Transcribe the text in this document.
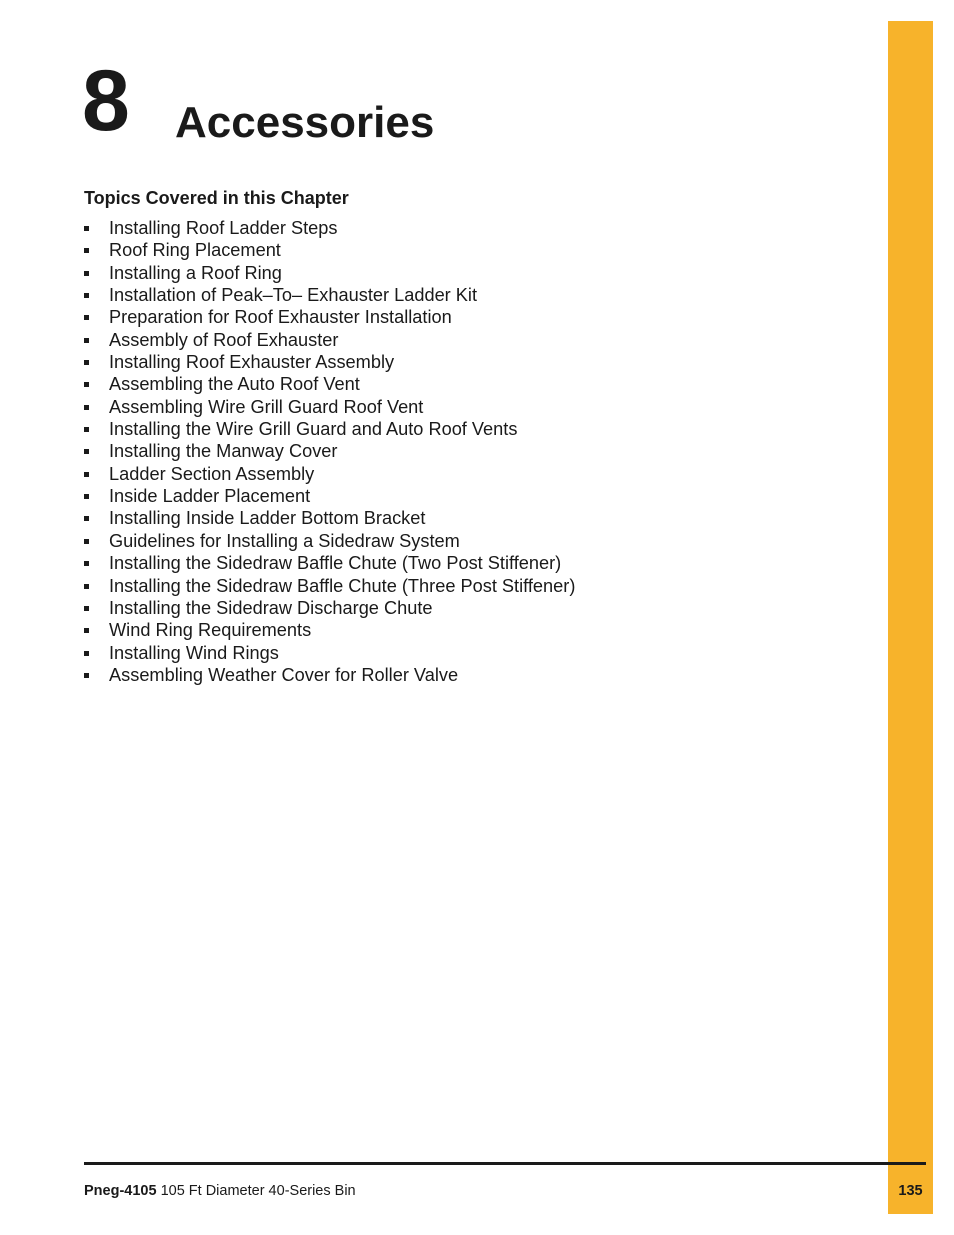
8 Accessories
Topics Covered in this Chapter
Installing Roof Ladder Steps
Roof Ring Placement
Installing a Roof Ring
Installation of Peak–To– Exhauster Ladder Kit
Preparation for Roof Exhauster Installation
Assembly of Roof Exhauster
Installing Roof Exhauster Assembly
Assembling the Auto Roof Vent
Assembling Wire Grill Guard Roof Vent
Installing the Wire Grill Guard and Auto Roof Vents
Installing the Manway Cover
Ladder Section Assembly
Inside Ladder Placement
Installing Inside Ladder Bottom Bracket
Guidelines for Installing a Sidedraw System
Installing the Sidedraw Baffle Chute (Two Post Stiffener)
Installing the Sidedraw Baffle Chute (Three Post Stiffener)
Installing the Sidedraw Discharge Chute
Wind Ring Requirements
Installing Wind Rings
Assembling Weather Cover for Roller Valve
Pneg-4105 105 Ft Diameter 40-Series Bin	135
